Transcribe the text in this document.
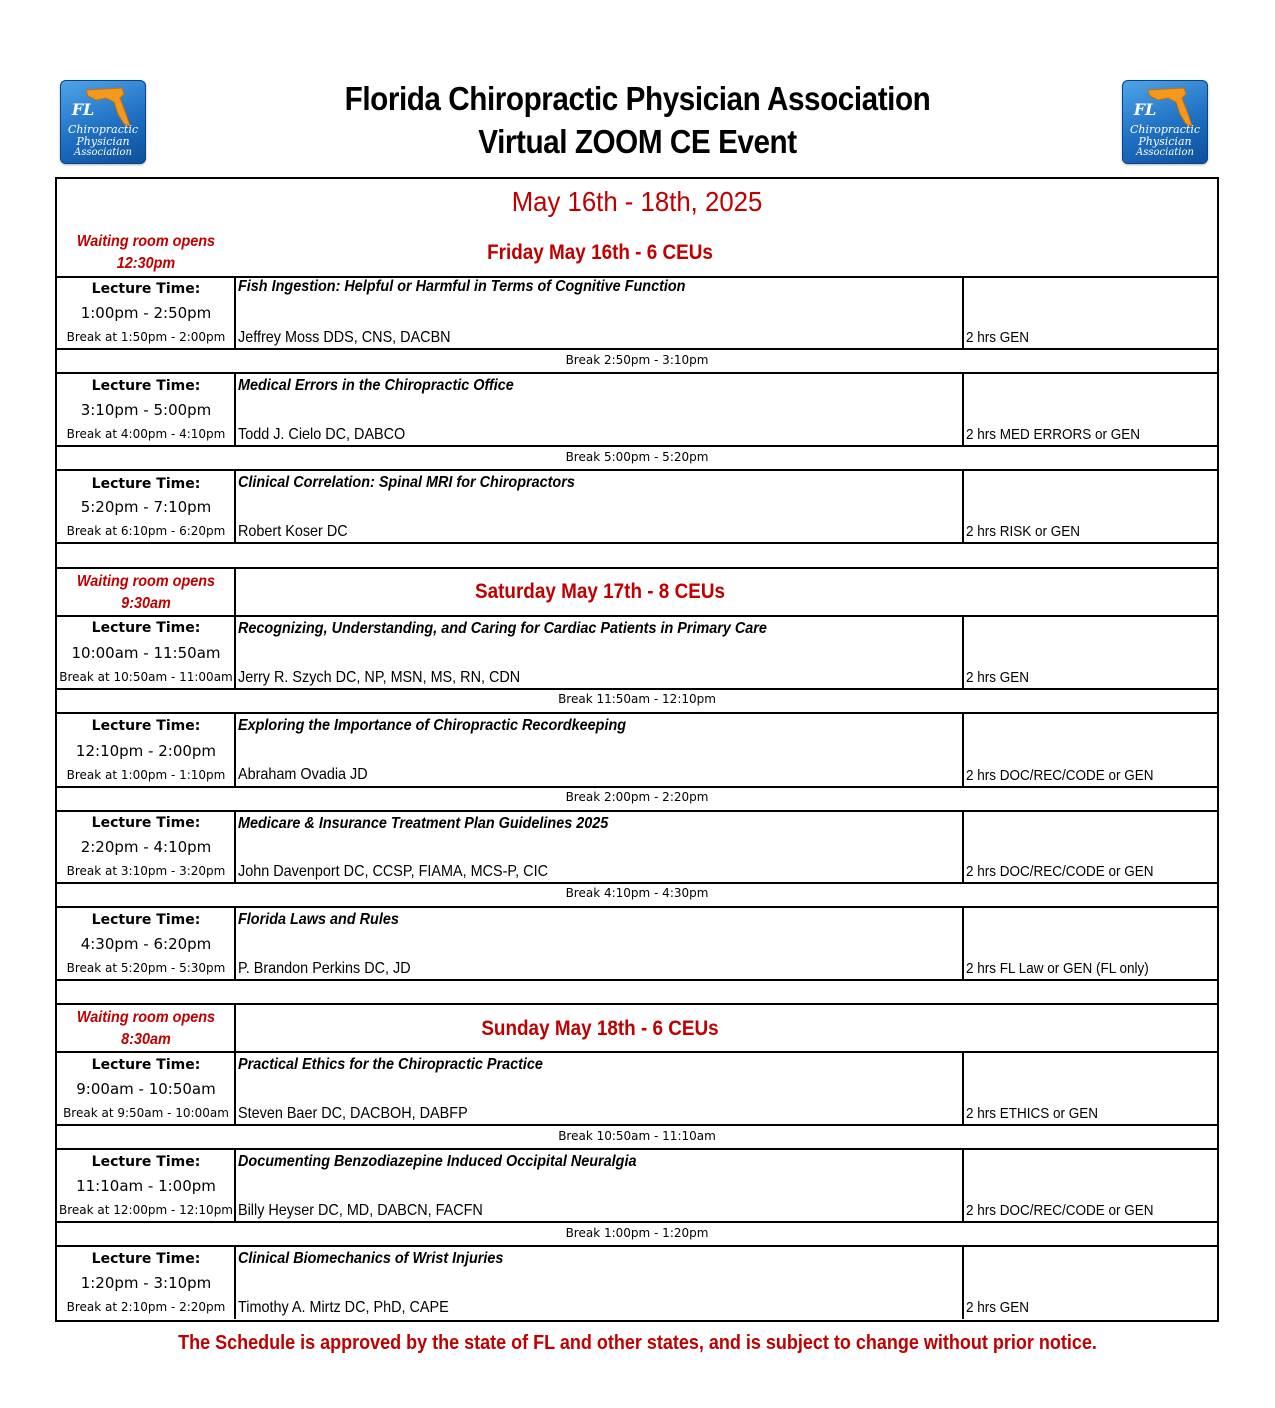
FL
Chiropractic
Physician
Association
FL
Chiropractic
Physician
Association
Florida Chiropractic Physician Association
Virtual ZOOM CE Event
May 16th - 18th, 2025
Waiting room opens
12:30pm	Friday May 16th - 6 CEUs
Lecture Time:
1:00pm - 2:50pm
Break at 1:50pm - 2:00pm
Fish Ingestion: Helpful or Harmful in Terms of Cognitive Function
Jeffrey Moss DDS, CNS, DACBN	2 hrs GEN
Break 2:50pm - 3:10pm
Lecture Time:
3:10pm - 5:00pm
Break at 4:00pm - 4:10pm
Medical Errors in the Chiropractic Office
Todd J. Cielo DC, DABCO	2 hrs MED ERRORS or GEN
Break 5:00pm - 5:20pm
Lecture Time:
5:20pm - 7:10pm
Break at 6:10pm - 6:20pm
Clinical Correlation: Spinal MRI for Chiropractors
Robert Koser DC	2 hrs RISK or GEN
Waiting room opens
9:30am
Saturday May 17th - 8 CEUs
Lecture Time:
10:00am - 11:50am
Break at 10:50am - 11:00am
Recognizing, Understanding, and Caring for Cardiac Patients in Primary Care
Jerry R. Szych DC, NP, MSN, MS, RN, CDN	2 hrs GEN
Break 11:50am - 12:10pm
Lecture Time:
12:10pm - 2:00pm
Break at 1:00pm - 1:10pm
Exploring the Importance of Chiropractic Recordkeeping
Abraham Ovadia JD	2 hrs DOC/REC/CODE or GEN
Break 2:00pm - 2:20pm
Lecture Time:
2:20pm - 4:10pm
Break at 3:10pm - 3:20pm
Medicare & Insurance Treatment Plan Guidelines 2025
John Davenport DC, CCSP, FIAMA, MCS-P, CIC	2 hrs DOC/REC/CODE or GEN
Break 4:10pm - 4:30pm
Lecture Time:
4:30pm - 6:20pm
Break at 5:20pm - 5:30pm
Florida Laws and Rules
P. Brandon Perkins DC, JD	2 hrs FL Law or GEN (FL only)
Waiting room opens
8:30am	Sunday May 18th - 6 CEUs
Lecture Time:
9:00am - 10:50am
Break at 9:50am - 10:00am
Practical Ethics for the Chiropractic Practice
Steven Baer DC, DACBOH, DABFP	2 hrs ETHICS or GEN
Break 10:50am - 11:10am
Lecture Time:
11:10am - 1:00pm
Break at 12:00pm - 12:10pm
Documenting Benzodiazepine Induced Occipital Neuralgia
Billy Heyser DC, MD, DABCN, FACFN	2 hrs DOC/REC/CODE or GEN
Break 1:00pm - 1:20pm
Lecture Time:
1:20pm - 3:10pm
Break at 2:10pm - 2:20pm
Clinical Biomechanics of Wrist Injuries
Timothy A. Mirtz DC, PhD, CAPE	2 hrs GEN
The Schedule is approved by the state of FL and other states, and is subject to change without prior notice.
